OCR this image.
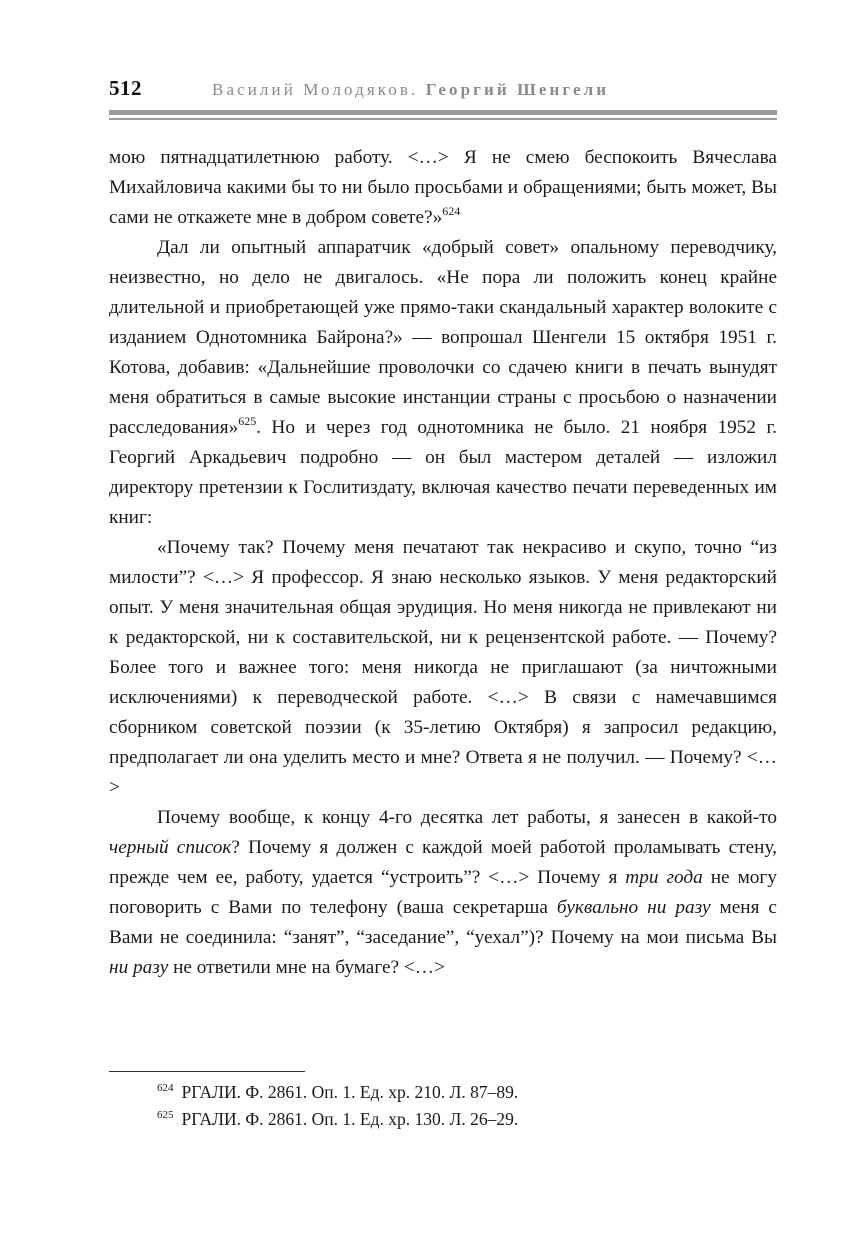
512	Василий Молодяков. Георгий Шенгели

мою пятнадцатилетнюю работу. <…> Я не смею беспокоить Вячеслава Михайловича какими бы то ни было просьбами и обращениями; быть может, Вы сами не откажете мне в добром совете?»$^{624}$

Дал ли опытный аппаратчик «добрый совет» опальному переводчику, неизвестно, но дело не двигалось. «Не пора ли положить конец крайне длительной и приобретающей уже прямо-таки скандальный характер волоките с изданием Однотомника Байрона?» — вопрошал Шенгели 15 октября 1951 г. Котова, добавив: «Дальнейшие проволочки со сдачею книги в печать вынудят меня обратиться в самые высокие инстанции страны с просьбою о назначении расследования»$^{625}$. Но и через год однотомника не было. 21 ноября 1952 г. Георгий Аркадьевич подробно — он был мастером деталей — изложил директору претензии к Гослитиздату, включая качество печати переведенных им книг:

«Почему так? Почему меня печатают так некрасиво и скупо, точно “из милости”? <…> Я профессор. Я знаю несколько языков. У меня редакторский опыт. У меня значительная общая эрудиция. Но меня никогда не привлекают ни к редакторской, ни к составительской, ни к рецензентской работе. — Почему? Более того и важнее того: меня никогда не приглашают (за ничтожными исключениями) к переводческой работе. <…> В связи с намечавшимся сборником советской поэзии (к 35-летию Октября) я запросил редакцию, предполагает ли она уделить место и мне? Ответа я не получил. — Почему? <…>

Почему вообще, к концу 4-го десятка лет работы, я занесен в какой-то черный список? Почему я должен с каждой моей работой проламывать стену, прежде чем ее, работу, удается “устроить”? <…> Почему я три года не могу поговорить с Вами по телефону (ваша секретарша буквально ни разу меня с Вами не соединила: “занят”, “заседание”, “уехал”)? Почему на мои письма Вы ни разу не ответили мне на бумаге? <…>

$^{624}$ РГАЛИ. Ф. 2861. Оп. 1. Ед. хр. 210. Л. 87–89.
$^{625}$ РГАЛИ. Ф. 2861. Оп. 1. Ед. хр. 130. Л. 26–29.
